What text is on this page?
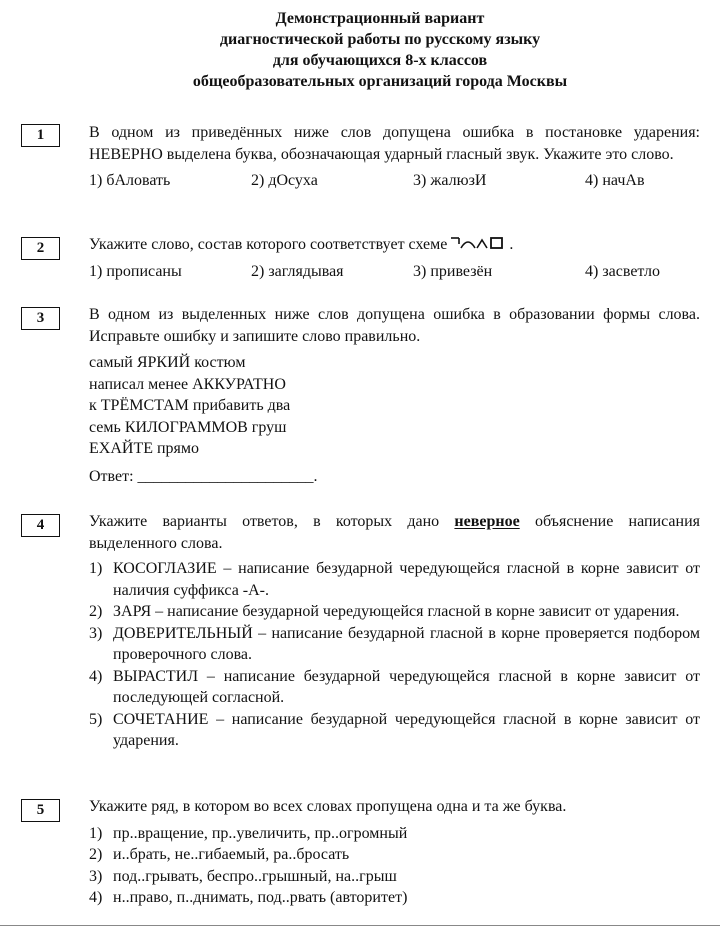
Демонстрационный вариант
диагностической работы по русскому языку
для обучающихся 8-х классов
общеобразовательных организаций города Москвы
1	В одном из приведённых ниже слов допущена ошибка в постановке ударения: НЕВЕРНО выделена буква, обозначающая ударный гласный звук. Укажите это слово.
1) бАловать	2) дОсуха	3) жалюзИ	4) начАв
2	Укажите слово, состав которого соответствует схеме	.
1) прописаны	2) заглядывая	3) привезён	4) засветло
3	В одном из выделенных ниже слов допущена ошибка в образовании формы слова. Исправьте ошибку и запишите слово правильно.
самый ЯРКИЙ костюм
написал менее АККУРАТНО
к ТРЁМСТАМ прибавить два
семь КИЛОГРАММОВ груш
ЕХАЙТЕ прямо
Ответ: ______________________.
4	Укажите варианты ответов, в которых дано неверное объяснение написания выделенного слова.
1) КОСОГЛАЗИЕ – написание безударной чередующейся гласной в корне зависит от наличия суффикса -А-.
2) ЗАРЯ – написание безударной чередующейся гласной в корне зависит от ударения.
3) ДОВЕРИТЕЛЬНЫЙ – написание безударной гласной в корне проверяется подбором проверочного слова.
4) ВЫРАСТИЛ – написание безударной чередующейся гласной в корне зависит от последующей согласной.
5) СОЧЕТАНИЕ – написание безударной чередующейся гласной в корне зависит от ударения.
5	Укажите ряд, в котором во всех словах пропущена одна и та же буква.
1) пр..вращение, пр..увеличить, пр..огромный
2) и..брать, не..гибаемый, ра..бросать
3) под..грывать, беспро..грышный, на..грыш
4) н..право, п..днимать, под..рвать (авторитет)
